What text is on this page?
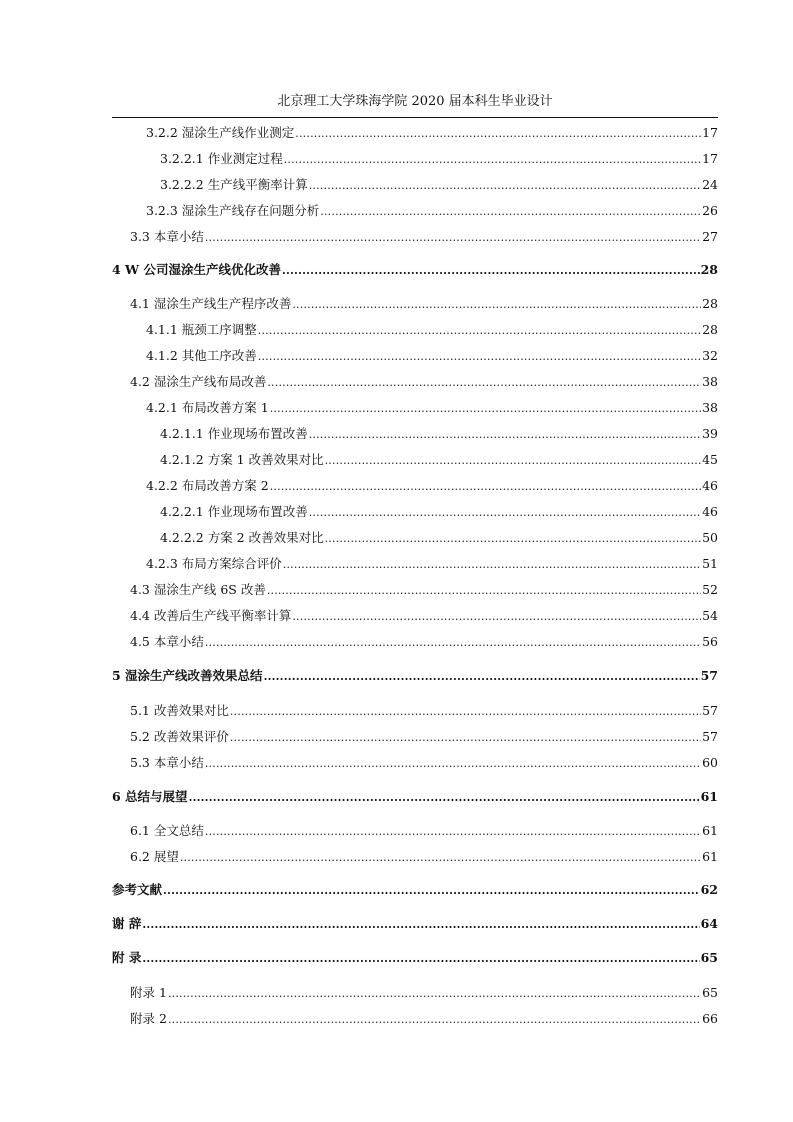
北京理工大学珠海学院 2020 届本科生毕业设计
3.2.2 湿涂生产线作业测定 .....	17
3.2.2.1 作业测定过程 .....	17
3.2.2.2 生产线平衡率计算 .....	24
3.2.3 湿涂生产线存在问题分析 .....	26
3.3 本章小结 .....	27
4 W 公司湿涂生产线优化改善 .....	28
4.1 湿涂生产线生产程序改善 .....	28
4.1.1 瓶颈工序调整 .....	28
4.1.2 其他工序改善 .....	32
4.2 湿涂生产线布局改善 .....	38
4.2.1 布局改善方案 1 .....	38
4.2.1.1 作业现场布置改善 .....	39
4.2.1.2 方案 1 改善效果对比 .....	45
4.2.2 布局改善方案 2 .....	46
4.2.2.1 作业现场布置改善 .....	46
4.2.2.2 方案 2 改善效果对比 .....	50
4.2.3 布局方案综合评价 .....	51
4.3 湿涂生产线 6S 改善 .....	52
4.4 改善后生产线平衡率计算 .....	54
4.5 本章小结 .....	56
5 湿涂生产线改善效果总结 .....	57
5.1 改善效果对比 .....	57
5.2 改善效果评价 .....	57
5.3 本章小结 .....	60
6 总结与展望 .....	61
6.1 全文总结 .....	61
6.2 展望 .....	61
参考文献 .....	62
谢 辞 .....	64
附 录 .....	65
附录 1 .....	65
附录 2 .....	66
